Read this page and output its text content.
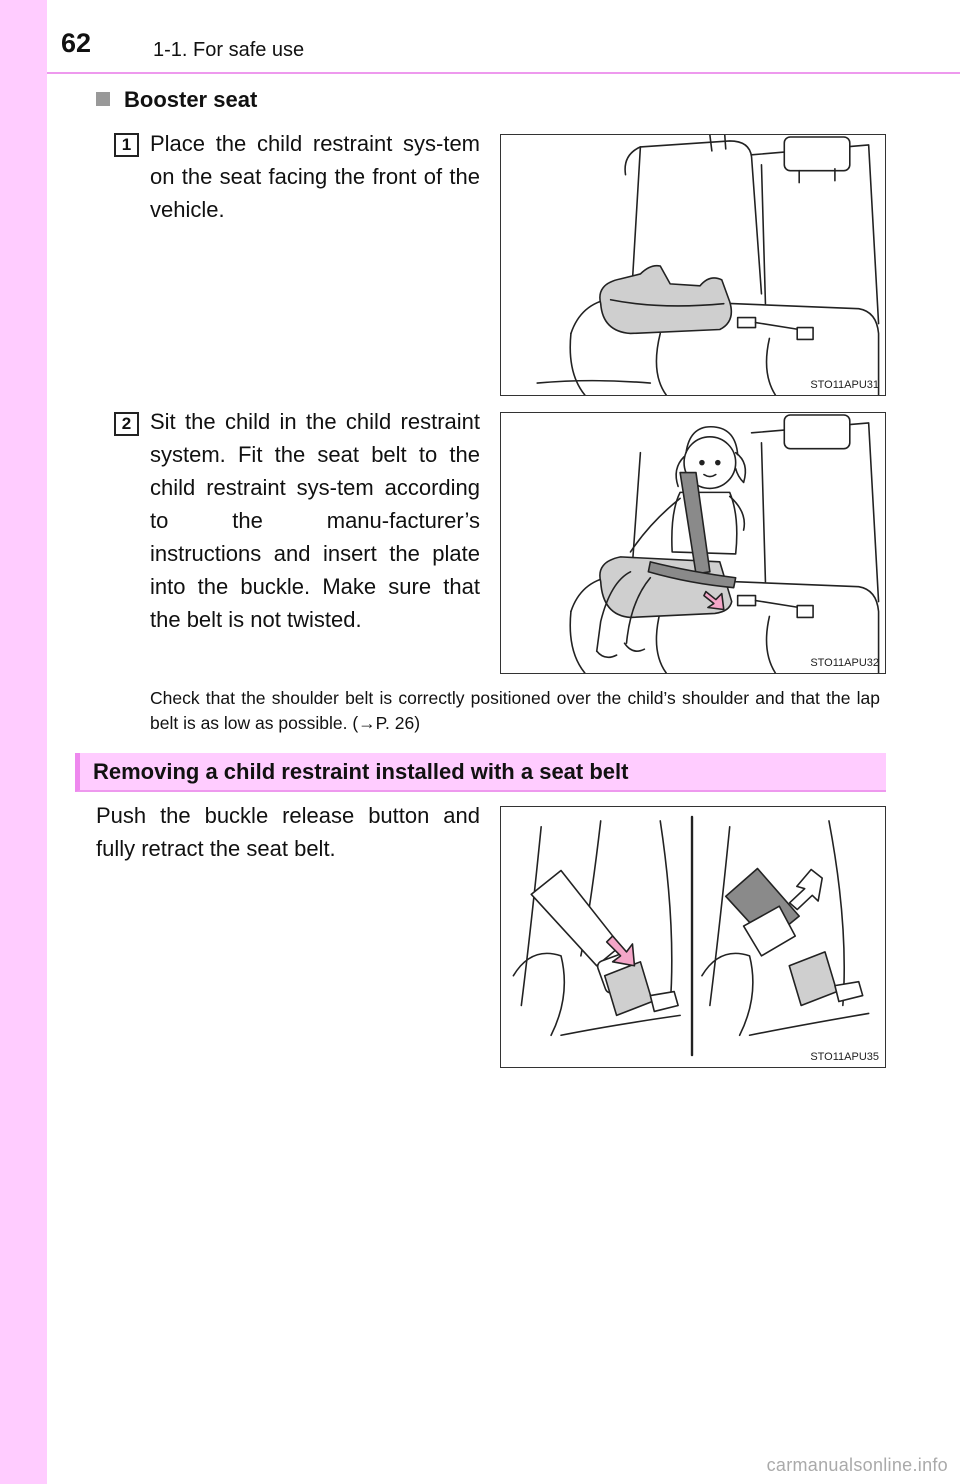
62	1-1. For safe use
Booster seat
1 Place the child restraint sys-tem on the seat facing the front of the vehicle.
STO11APU31
2 Sit the child in the child restraint system. Fit the seat belt to the child restraint sys-tem according to the manu-facturer’s instructions and insert the plate into the buckle. Make sure that the belt is not twisted.
STO11APU32
Check that the shoulder belt is correctly positioned over the child’s shoulder and that the lap belt is as low as possible. (→P. 26)
Removing a child restraint installed with a seat belt
Push the buckle release button and fully retract the seat belt.
STO11APU35
carmanualsonline.info
